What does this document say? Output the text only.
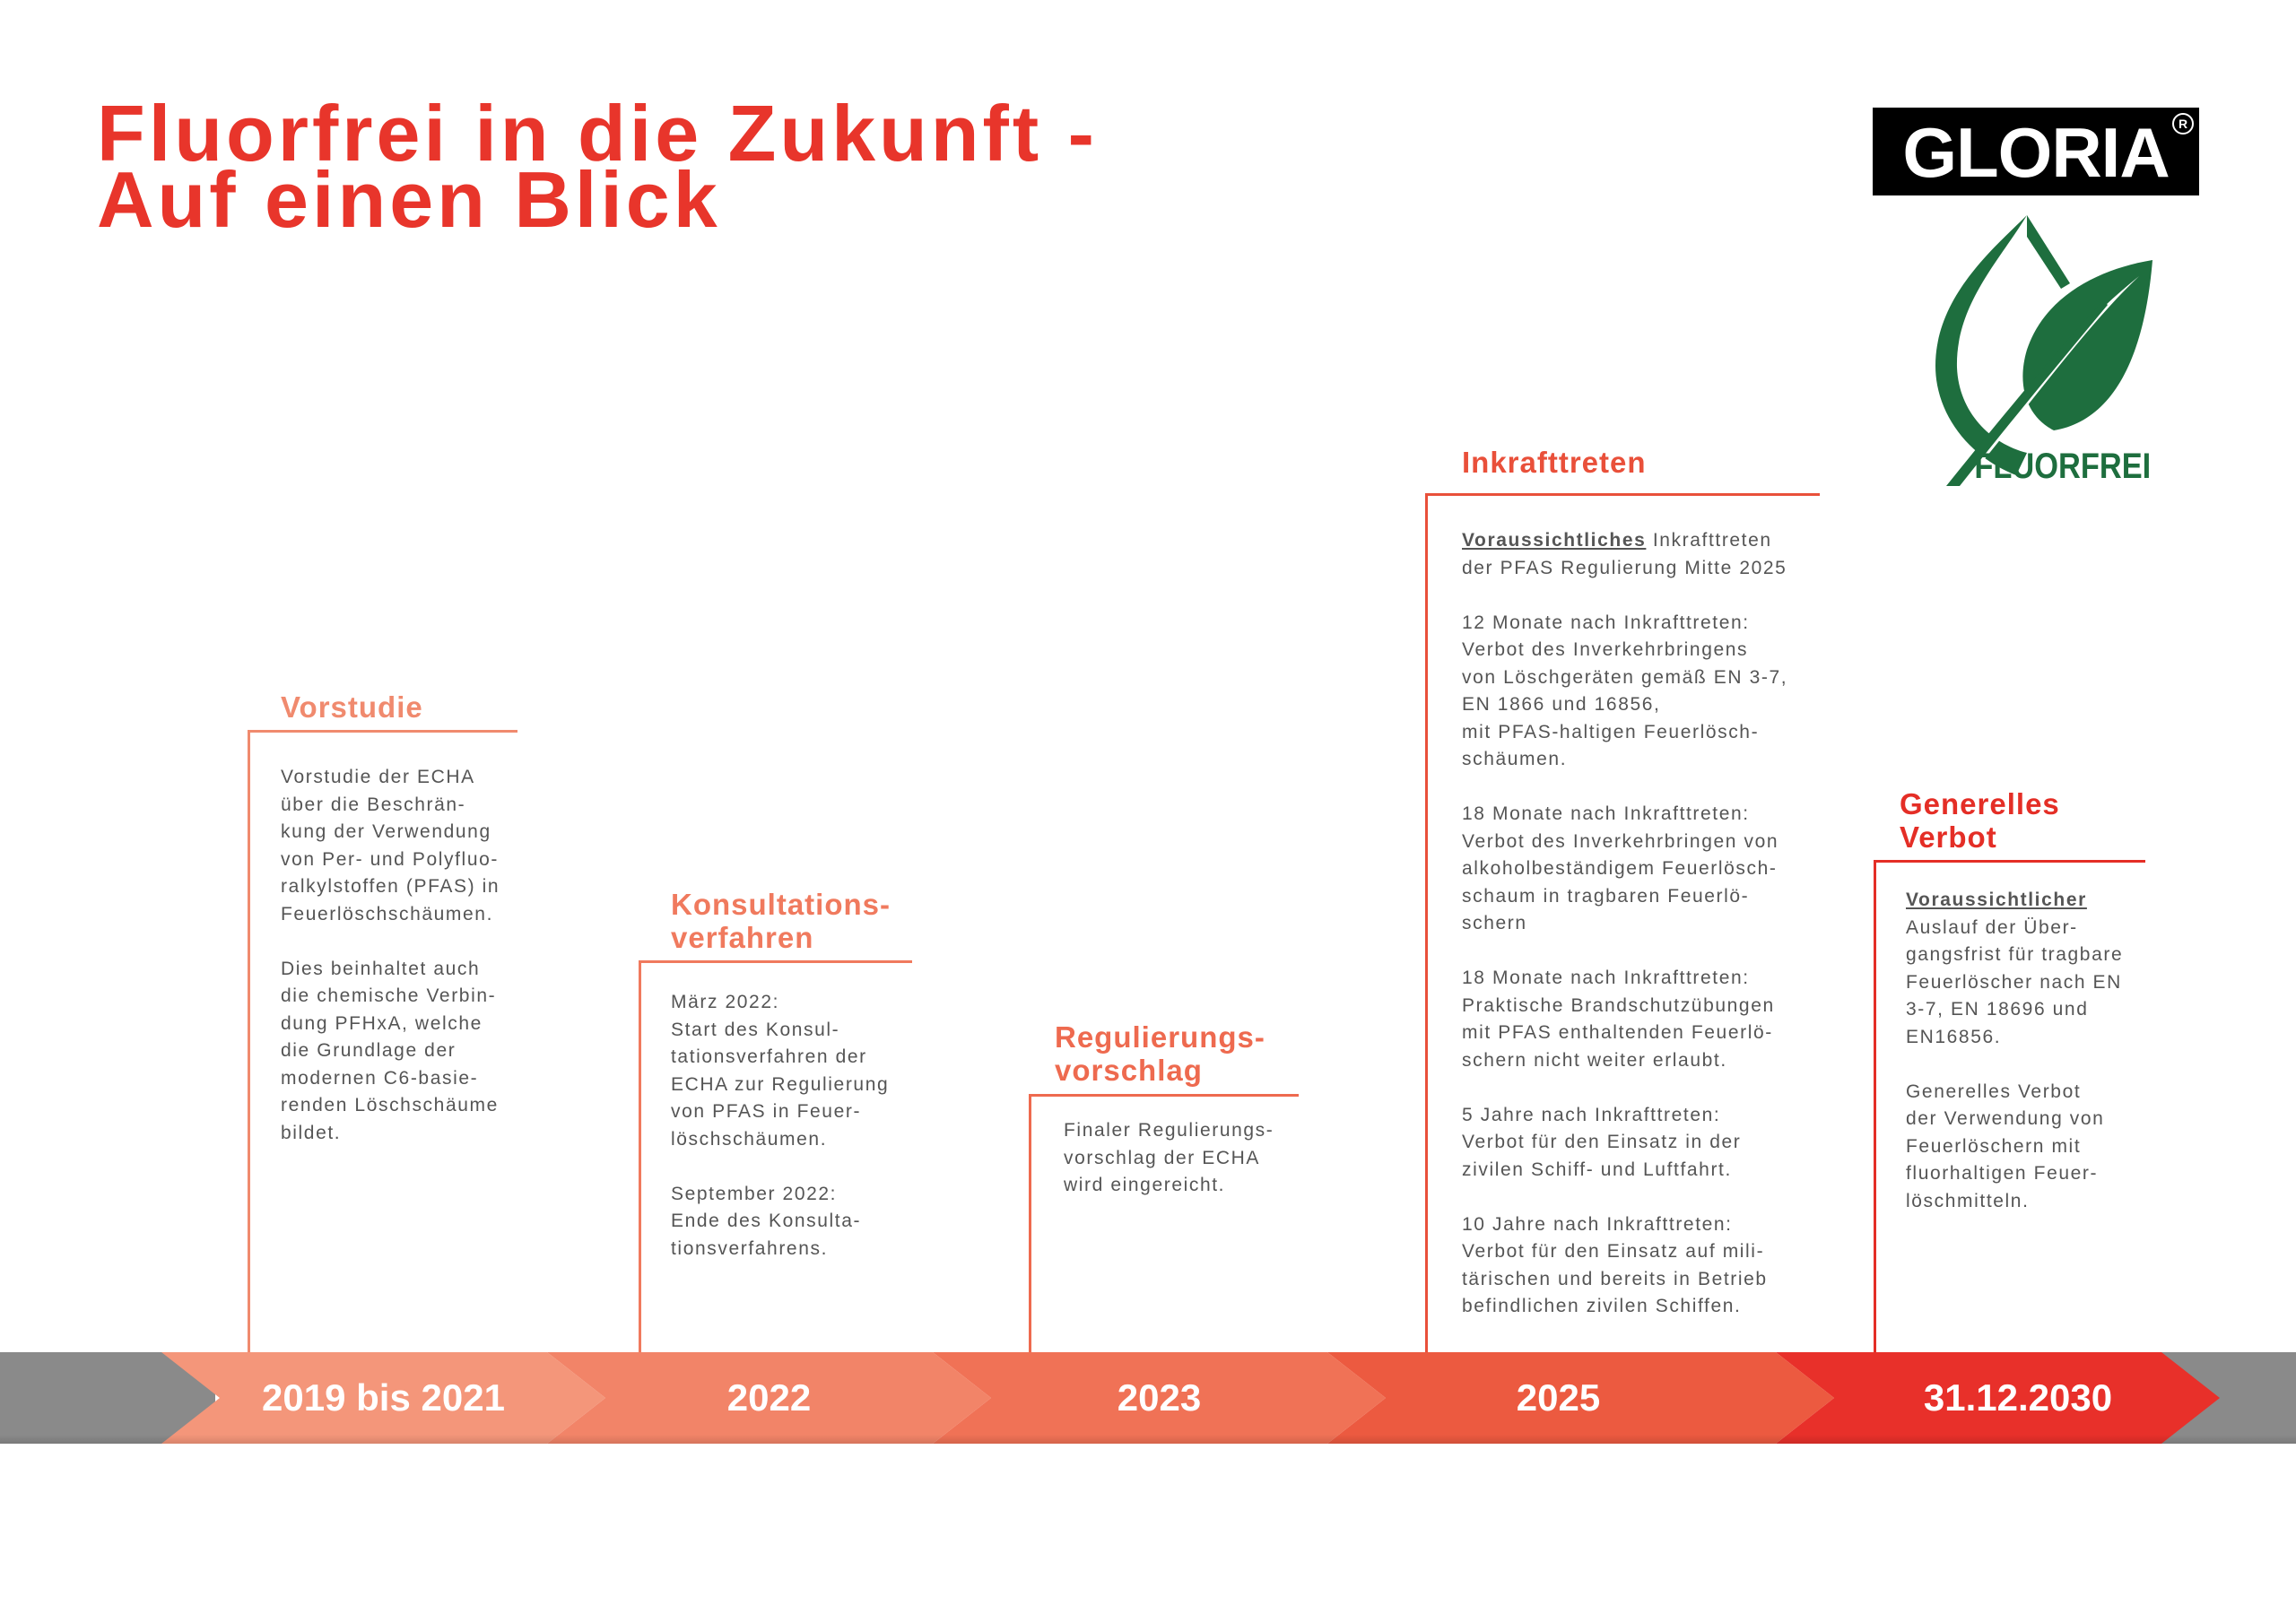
Fluorfrei in die Zukunft -
Auf einen Blick
GLORIA R
FLUORFREI
Vorstudie

Vorstudie der ECHA
über die Beschrän-
kung der Verwendung
von Per- und Polyfluo-
ralkylstoffen (PFAS) in
Feuerlöschschäumen.

Dies beinhaltet auch
die chemische Verbin-
dung PFHxA, welche
die Grundlage der
modernen C6-basie-
renden Löschschäume
bildet.

Konsultations-
verfahren

März 2022:
Start des Konsul-
tationsverfahren der
ECHA zur Regulierung
von PFAS in Feuer-
löschschäumen.

September 2022:
Ende des Konsulta-
tionsverfahrens.

Regulierungs-
vorschlag

Finaler Regulierungs-
vorschlag der ECHA
wird eingereicht.

Inkrafttreten

Voraussichtliches Inkrafttreten
der PFAS Regulierung Mitte 2025

12 Monate nach Inkrafttreten:
Verbot des Inverkehrbringens
von Löschgeräten gemäß EN 3-7,
EN 1866 und 16856,
mit PFAS-haltigen Feuerlösch-
schäumen.

18 Monate nach Inkrafttreten:
Verbot des Inverkehrbringen von
alkoholbeständigem Feuerlösch-
schaum in tragbaren Feuerlö-
schern

18 Monate nach Inkrafttreten:
Praktische Brandschutzübungen
mit PFAS enthaltenden Feuerlö-
schern nicht weiter erlaubt.

5 Jahre nach Inkrafttreten:
Verbot für den Einsatz in der
zivilen Schiff- und Luftfahrt.

10 Jahre nach Inkrafttreten:
Verbot für den Einsatz auf mili-
tärischen und bereits in Betrieb
befindlichen zivilen Schiffen.

Generelles
Verbot

Voraussichtlicher
Auslauf der Über-
gangsfrist für tragbare
Feuerlöscher nach EN
3-7, EN 18696 und
EN16856.

Generelles Verbot
der Verwendung von
Feuerlöschern mit
fluorhaltigen Feuer-
löschmitteln.

2019 bis 2021	2022	2023	2025	31.12.2030
